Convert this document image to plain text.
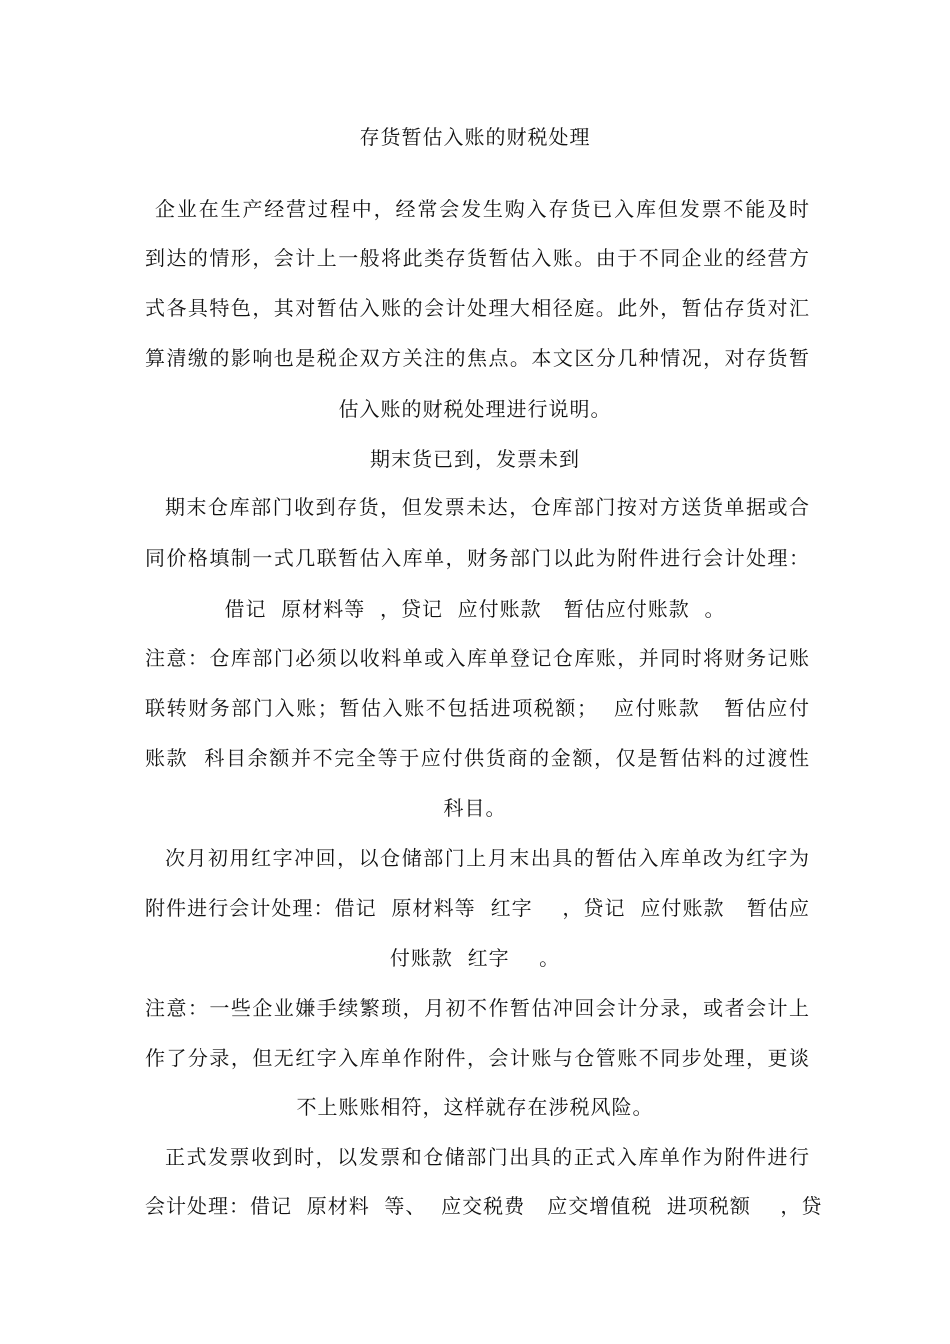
存货暂估入账的财税处理
企业在生产经营过程中，经常会发生购入存货已入库但发票不能及时
到达的情形，会计上一般将此类存货暂估入账。由于不同企业的经营方
式各具特色，其对暂估入账的会计处理大相径庭。此外，暂估存货对汇
算清缴的影响也是税企双方关注的焦点。本文区分几种情况，对存货暂
估入账的财税处理进行说明。
期末货已到，发票未到
期末仓库部门收到存货，但发票未达，仓库部门按对方送货单据或合
同价格填制一式几联暂估入库单，财务部门以此为附件进行会计处理：
借记  原材料等  ，贷记  应付账款   暂估应付账款  。
注意：仓库部门必须以收料单或入库单登记仓库账，并同时将财务记账
联转财务部门入账；暂估入账不包括进项税额；  应付账款   暂估应付
账款  科目余额并不完全等于应付供货商的金额，仅是暂估料的过渡性
科目。
次月初用红字冲回，以仓储部门上月末出具的暂估入库单改为红字为
附件进行会计处理：借记  原材料等  红字    ，贷记  应付账款   暂估应
付账款  红字    。
注意：一些企业嫌手续繁琐，月初不作暂估冲回会计分录，或者会计上
作了分录，但无红字入库单作附件，会计账与仓管账不同步处理，更谈
不上账账相符，这样就存在涉税风险。
正式发票收到时，以发票和仓储部门出具的正式入库单作为附件进行
会计处理：借记  原材料  等、  应交税费   应交增值税  进项税额    ，贷
